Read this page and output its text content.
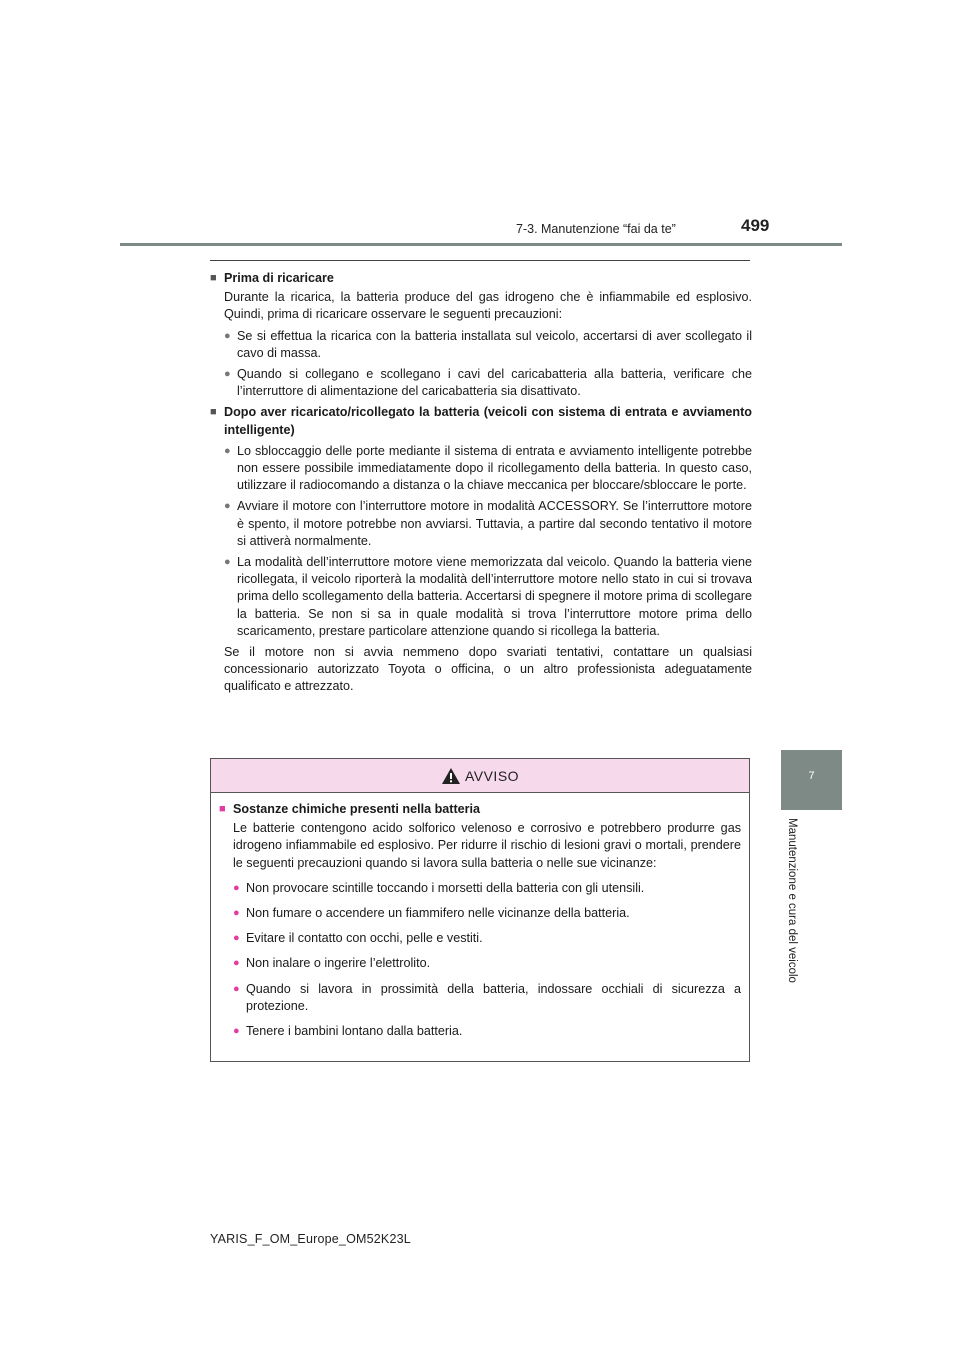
7-3. Manutenzione “fai da te”	499
■ Prima di ricaricare
Durante la ricarica, la batteria produce del gas idrogeno che è infiammabile ed esplosivo. Quindi, prima di ricaricare osservare le seguenti precauzioni:
● Se si effettua la ricarica con la batteria installata sul veicolo, accertarsi di aver scollegato il cavo di massa.
● Quando si collegano e scollegano i cavi del caricabatteria alla batteria, verificare che l’interruttore di alimentazione del caricabatteria sia disattivato.
■ Dopo aver ricaricato/ricollegato la batteria (veicoli con sistema di entrata e avviamento intelligente)
● Lo sbloccaggio delle porte mediante il sistema di entrata e avviamento intelligente potrebbe non essere possibile immediatamente dopo il ricollegamento della batteria. In questo caso, utilizzare il radiocomando a distanza o la chiave meccanica per bloccare/sbloccare le porte.
● Avviare il motore con l’interruttore motore in modalità ACCESSORY. Se l’interruttore motore è spento, il motore potrebbe non avviarsi. Tuttavia, a partire dal secondo tentativo il motore si attiverà normalmente.
● La modalità dell’interruttore motore viene memorizzata dal veicolo. Quando la batteria viene ricollegata, il veicolo riporterà la modalità dell’interruttore motore nello stato in cui si trovava prima dello scollegamento della batteria. Accertarsi di spegnere il motore prima di scollegare la batteria. Se non si sa in quale modalità si trova l’interruttore motore prima dello scaricamento, prestare particolare attenzione quando si ricollega la batteria.
Se il motore non si avvia nemmeno dopo svariati tentativi, contattare un qualsiasi concessionario autorizzato Toyota o officina, o un altro professionista adeguatamente qualificato e attrezzato.
AVVISO
■ Sostanze chimiche presenti nella batteria
Le batterie contengono acido solforico velenoso e corrosivo e potrebbero produrre gas idrogeno infiammabile ed esplosivo. Per ridurre il rischio di lesioni gravi o mortali, prendere le seguenti precauzioni quando si lavora sulla batteria o nelle sue vicinanze:
● Non provocare scintille toccando i morsetti della batteria con gli utensili.
● Non fumare o accendere un fiammifero nelle vicinanze della batteria.
● Evitare il contatto con occhi, pelle e vestiti.
● Non inalare o ingerire l’elettrolito.
● Quando si lavora in prossimità della batteria, indossare occhiali di sicurezza a protezione.
● Tenere i bambini lontano dalla batteria.
7
Manutenzione e cura del veicolo
YARIS_F_OM_Europe_OM52K23L
